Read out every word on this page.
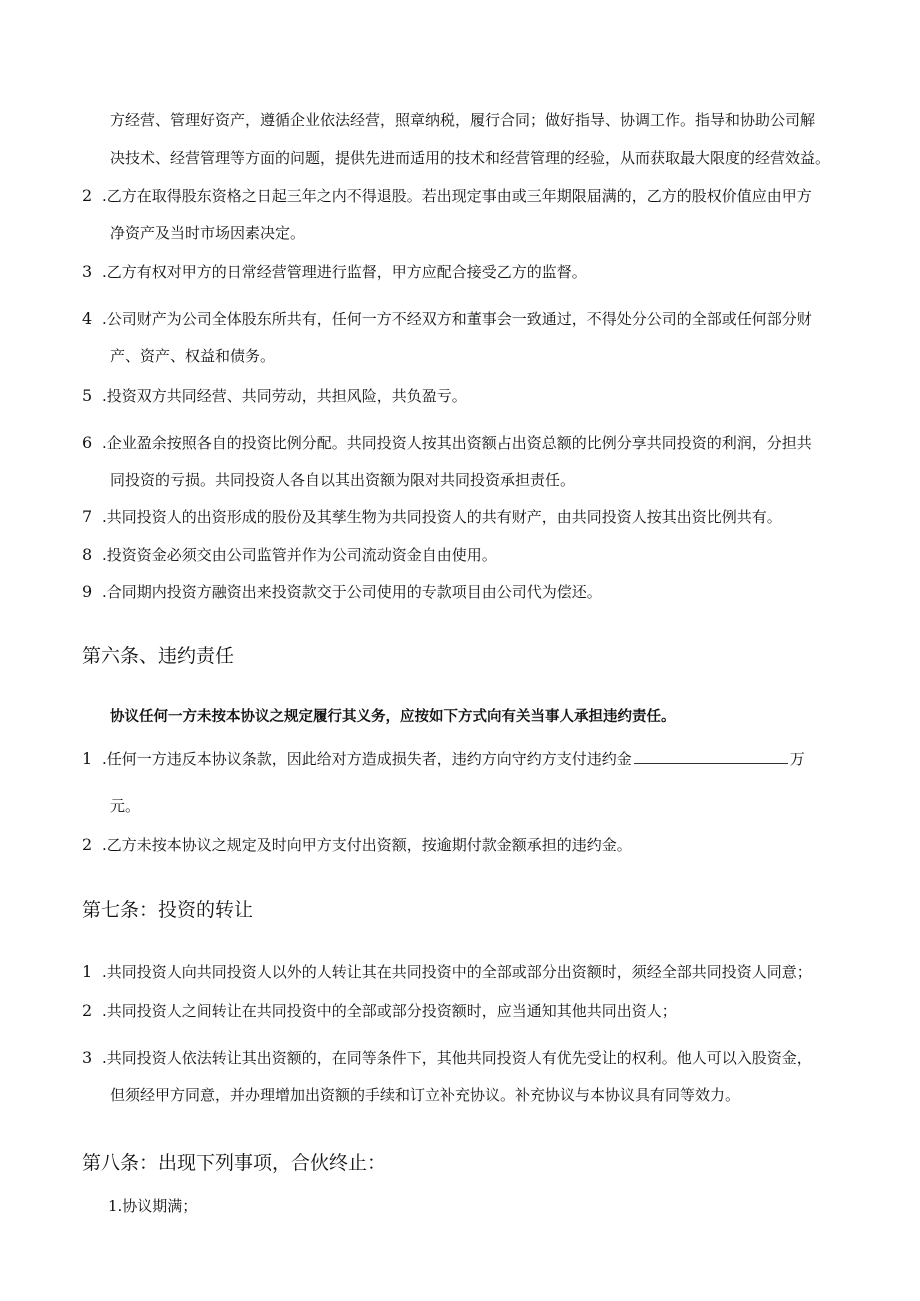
方经营、管理好资产，遵循企业依法经营，照章纳税，履行合同；做好指导、协调工作。指导和协助公司解
决技术、经营管理等方面的问题，提供先进而适用的技术和经营管理的经验，从而获取最大限度的经营效益。
2 .乙方在取得股东资格之日起三年之内不得退股。若出现定事由或三年期限届满的，乙方的股权价值应由甲方
净资产及当时市场因素决定。
3 .乙方有权对甲方的日常经营管理进行监督，甲方应配合接受乙方的监督。
4 .公司财产为公司全体股东所共有，任何一方不经双方和董事会一致通过，不得处分公司的全部或任何部分财
产、资产、权益和债务。
5 .投资双方共同经营、共同劳动，共担风险，共负盈亏。
6 .企业盈余按照各自的投资比例分配。共同投资人按其出资额占出资总额的比例分享共同投资的利润，分担共
同投资的亏损。共同投资人各自以其出资额为限对共同投资承担责任。
7 .共同投资人的出资形成的股份及其孳生物为共同投资人的共有财产，由共同投资人按其出资比例共有。
8 .投资资金必须交由公司监管并作为公司流动资金自由使用。
9 .合同期内投资方融资出来投资款交于公司使用的专款项目由公司代为偿还。
第六条、违约责任
协议任何一方未按本协议之规定履行其义务，应按如下方式向有关当事人承担违约责任。
1 .任何一方违反本协议条款，因此给对方造成损失者，违约方向守约方支付违约金	万
元。
2 .乙方未按本协议之规定及时向甲方支付出资额，按逾期付款金额承担的违约金。
第七条：投资的转让
1 .共同投资人向共同投资人以外的人转让其在共同投资中的全部或部分出资额时，须经全部共同投资人同意；
2 .共同投资人之间转让在共同投资中的全部或部分投资额时，应当通知其他共同出资人；
3 .共同投资人依法转让其出资额的，在同等条件下，其他共同投资人有优先受让的权利。他人可以入股资金，
但须经甲方同意，并办理增加出资额的手续和订立补充协议。补充协议与本协议具有同等效力。
第八条：出现下列事项，合伙终止：
1.协议期满；
